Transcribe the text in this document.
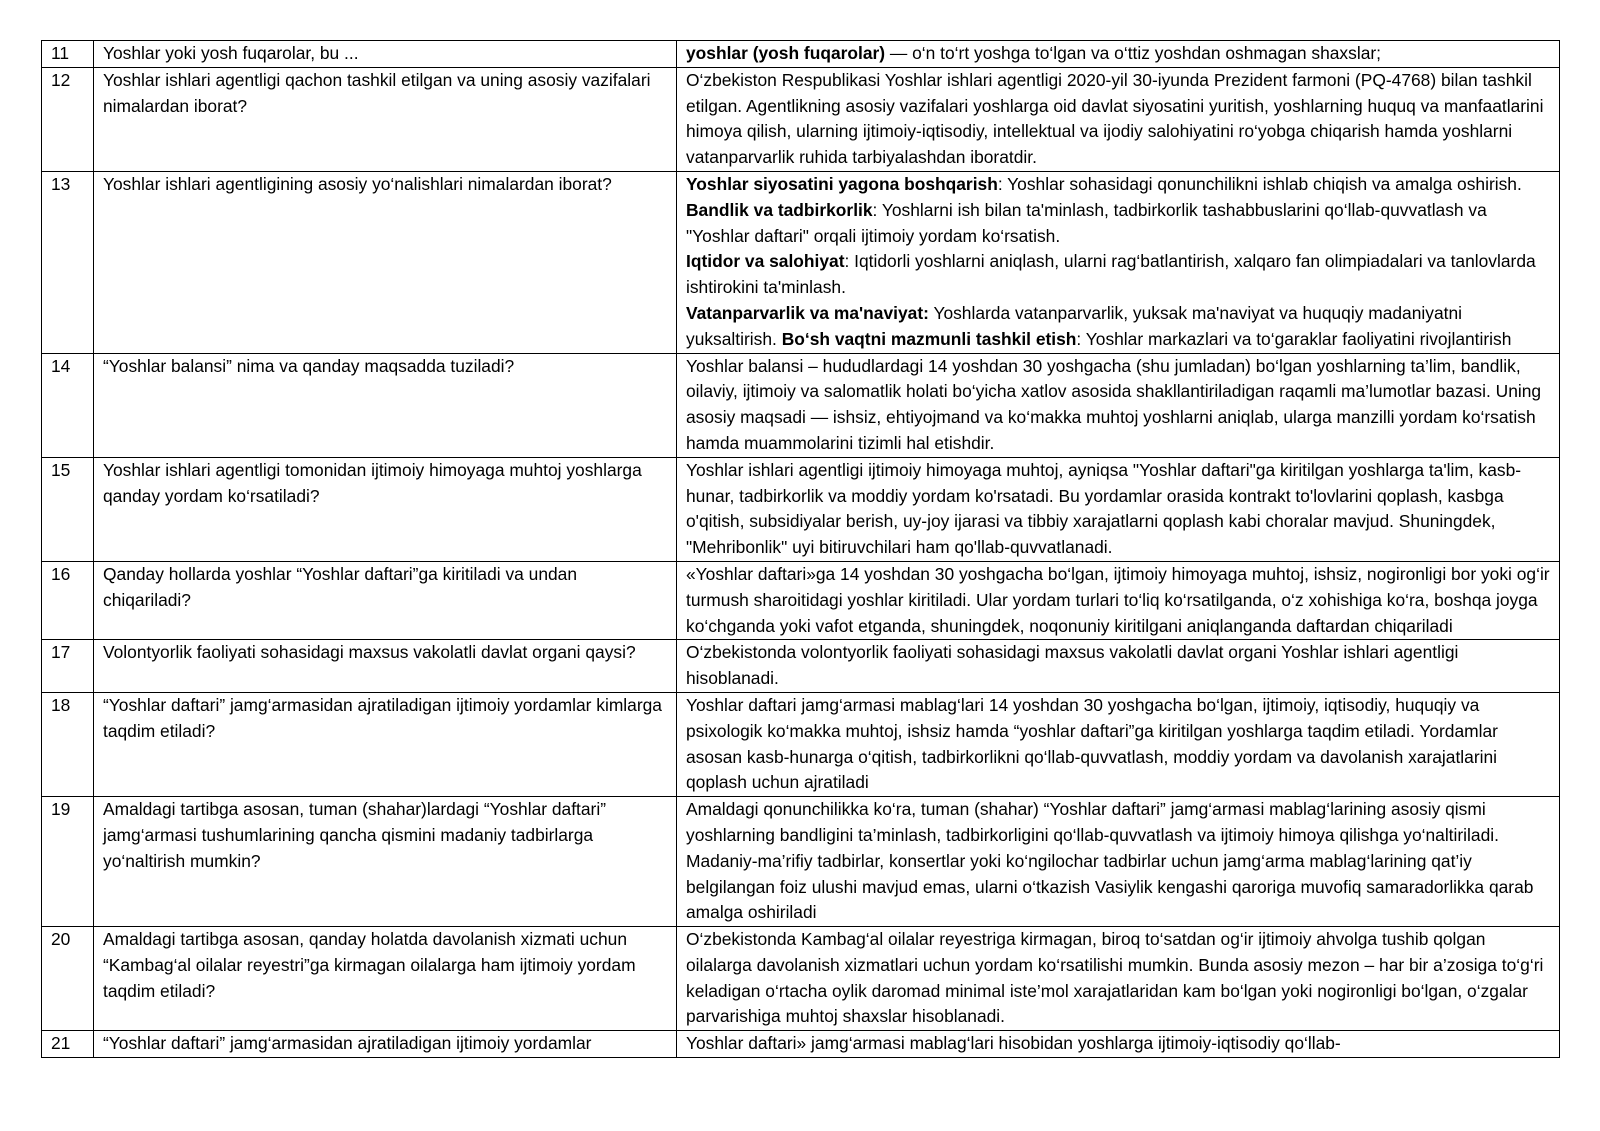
11	Yoshlar yoki yosh fuqarolar, bu ...	yoshlar (yosh fuqarolar) — o‘n to‘rt yoshga to‘lgan va o‘ttiz yoshdan oshmagan shaxslar;

12	Yoshlar ishlari agentligi qachon tashkil etilgan va uning asosiy vazifalari nimalardan iborat?	O‘zbekiston Respublikasi Yoshlar ishlari agentligi 2020-yil 30-iyunda Prezident farmoni (PQ-4768) bilan tashkil etilgan. Agentlikning asosiy vazifalari yoshlarga oid davlat siyosatini yuritish, yoshlarning huquq va manfaatlarini himoya qilish, ularning ijtimoiy-iqtisodiy, intellektual va ijodiy salohiyatini ro‘yobga chiqarish hamda yoshlarni vatanparvarlik ruhida tarbiyalashdan iboratdir.

13	Yoshlar ishlari agentligining asosiy yo‘nalishlari nimalardan iborat?	Yoshlar siyosatini yagona boshqarish: Yoshlar sohasidagi qonunchilikni ishlab chiqish va amalga oshirish. Bandlik va tadbirkorlik: Yoshlarni ish bilan ta'minlash, tadbirkorlik tashabbuslarini qo‘llab-quvvatlash va "Yoshlar daftari" orqali ijtimoiy yordam ko‘rsatish.
Iqtidor va salohiyat: Iqtidorli yoshlarni aniqlash, ularni rag‘batlantirish, xalqaro fan olimpiadalari va tanlovlarda ishtirokini ta'minlash.
Vatanparvarlik va ma'naviyat: Yoshlarda vatanparvarlik, yuksak ma'naviyat va huquqiy madaniyatni yuksaltirish. Bo‘sh vaqtni mazmunli tashkil etish: Yoshlar markazlari va to‘garaklar faoliyatini rivojlantirish

14	“Yoshlar balansi” nima va qanday maqsadda tuziladi?	Yoshlar balansi – hududlardagi 14 yoshdan 30 yoshgacha (shu jumladan) bo‘lgan yoshlarning ta’lim, bandlik, oilaviy, ijtimoiy va salomatlik holati bo‘yicha xatlov asosida shakllantiriladigan raqamli ma’lumotlar bazasi. Uning asosiy maqsadi — ishsiz, ehtiyojmand va ko‘makka muhtoj yoshlarni aniqlab, ularga manzilli yordam ko‘rsatish hamda muammolarini tizimli hal etishdir.

15	Yoshlar ishlari agentligi tomonidan ijtimoiy himoyaga muhtoj yoshlarga qanday yordam ko‘rsatiladi?	Yoshlar ishlari agentligi ijtimoiy himoyaga muhtoj, ayniqsa "Yoshlar daftari"ga kiritilgan yoshlarga ta'lim, kasb-hunar, tadbirkorlik va moddiy yordam ko'rsatadi. Bu yordamlar orasida kontrakt to'lovlarini qoplash, kasbga o'qitish, subsidiyalar berish, uy-joy ijarasi va tibbiy xarajatlarni qoplash kabi choralar mavjud. Shuningdek, "Mehribonlik" uyi bitiruvchilari ham qo'llab-quvvatlanadi.

16	Qanday hollarda yoshlar “Yoshlar daftari”ga kiritiladi va undan chiqariladi?	«Yoshlar daftari»ga 14 yoshdan 30 yoshgacha bo‘lgan, ijtimoiy himoyaga muhtoj, ishsiz, nogironligi bor yoki og‘ir turmush sharoitidagi yoshlar kiritiladi. Ular yordam turlari to‘liq ko‘rsatilganda, o‘z xohishiga ko‘ra, boshqa joyga ko‘chganda yoki vafot etganda, shuningdek, noqonuniy kiritilgani aniqlanganda daftardan chiqariladi

17	Volontyorlik faoliyati sohasidagi maxsus vakolatli davlat organi qaysi?	O‘zbekistonda volontyorlik faoliyati sohasidagi maxsus vakolatli davlat organi Yoshlar ishlari agentligi hisoblanadi.

18	“Yoshlar daftari” jamg‘armasidan ajratiladigan ijtimoiy yordamlar kimlarga taqdim etiladi?	Yoshlar daftari jamg‘armasi mablag‘lari 14 yoshdan 30 yoshgacha bo‘lgan, ijtimoiy, iqtisodiy, huquqiy va psixologik ko‘makka muhtoj, ishsiz hamda “yoshlar daftari”ga kiritilgan yoshlarga taqdim etiladi. Yordamlar asosan kasb-hunarga o‘qitish, tadbirkorlikni qo‘llab-quvvatlash, moddiy yordam va davolanish xarajatlarini qoplash uchun ajratiladi

19	Amaldagi tartibga asosan, tuman (shahar)lardagi “Yoshlar daftari” jamg‘armasi tushumlarining qancha qismini madaniy tadbirlarga yo‘naltirish mumkin?	Amaldagi qonunchilikka ko‘ra, tuman (shahar) “Yoshlar daftari” jamg‘armasi mablag‘larining asosiy qismi yoshlarning bandligini ta’minlash, tadbirkorligini qo‘llab-quvvatlash va ijtimoiy himoya qilishga yo‘naltiriladi. Madaniy-ma’rifiy tadbirlar, konsertlar yoki ko‘ngilochar tadbirlar uchun jamg‘arma mablag‘larining qat’iy belgilangan foiz ulushi mavjud emas, ularni o‘tkazish Vasiylik kengashi qaroriga muvofiq samaradorlikka qarab amalga oshiriladi

20	Amaldagi tartibga asosan, qanday holatda davolanish xizmati uchun “Kambag‘al oilalar reyestri”ga kirmagan oilalarga ham ijtimoiy yordam taqdim etiladi?	O‘zbekistonda Kambag‘al oilalar reyestriga kirmagan, biroq to‘satdan og‘ir ijtimoiy ahvolga tushib qolgan oilalarga davolanish xizmatlari uchun yordam ko‘rsatilishi mumkin. Bunda asosiy mezon – har bir a’zosiga to‘g‘ri keladigan o‘rtacha oylik daromad minimal iste’mol xarajatlaridan kam bo‘lgan yoki nogironligi bo‘lgan, o‘zgalar parvarishiga muhtoj shaxslar hisoblanadi.

21	“Yoshlar daftari” jamg‘armasidan ajratiladigan ijtimoiy yordamlar	Yoshlar daftari» jamg‘armasi mablag‘lari hisobidan yoshlarga ijtimoiy-iqtisodiy qo‘llab-
